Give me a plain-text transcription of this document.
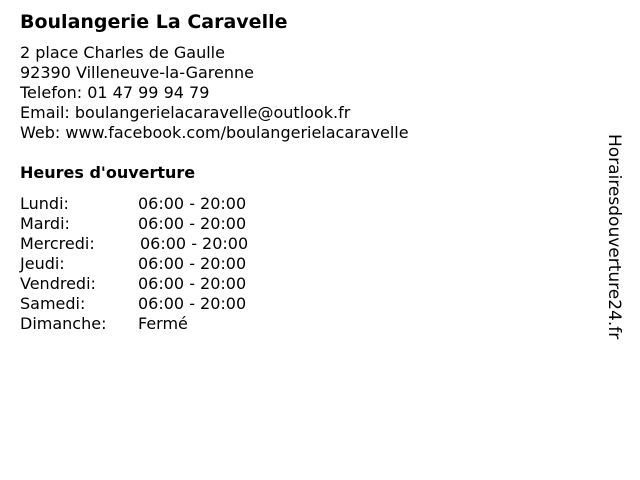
Boulangerie La Caravelle
2 place Charles de Gaulle
92390 Villeneuve-la-Garenne
Telefon: 01 47 99 94 79
Email: boulangerielacaravelle@outlook.fr
Web: www.facebook.com/boulangerielacaravelle
Heures d'ouverture
Lundi:	06:00 - 20:00
Mardi:	06:00 - 20:00
Mercredi:	06:00 - 20:00
Jeudi:	06:00 - 20:00
Vendredi:	06:00 - 20:00
Samedi:	06:00 - 20:00
Dimanche: Fermé	Horairesdouverture24.fr
